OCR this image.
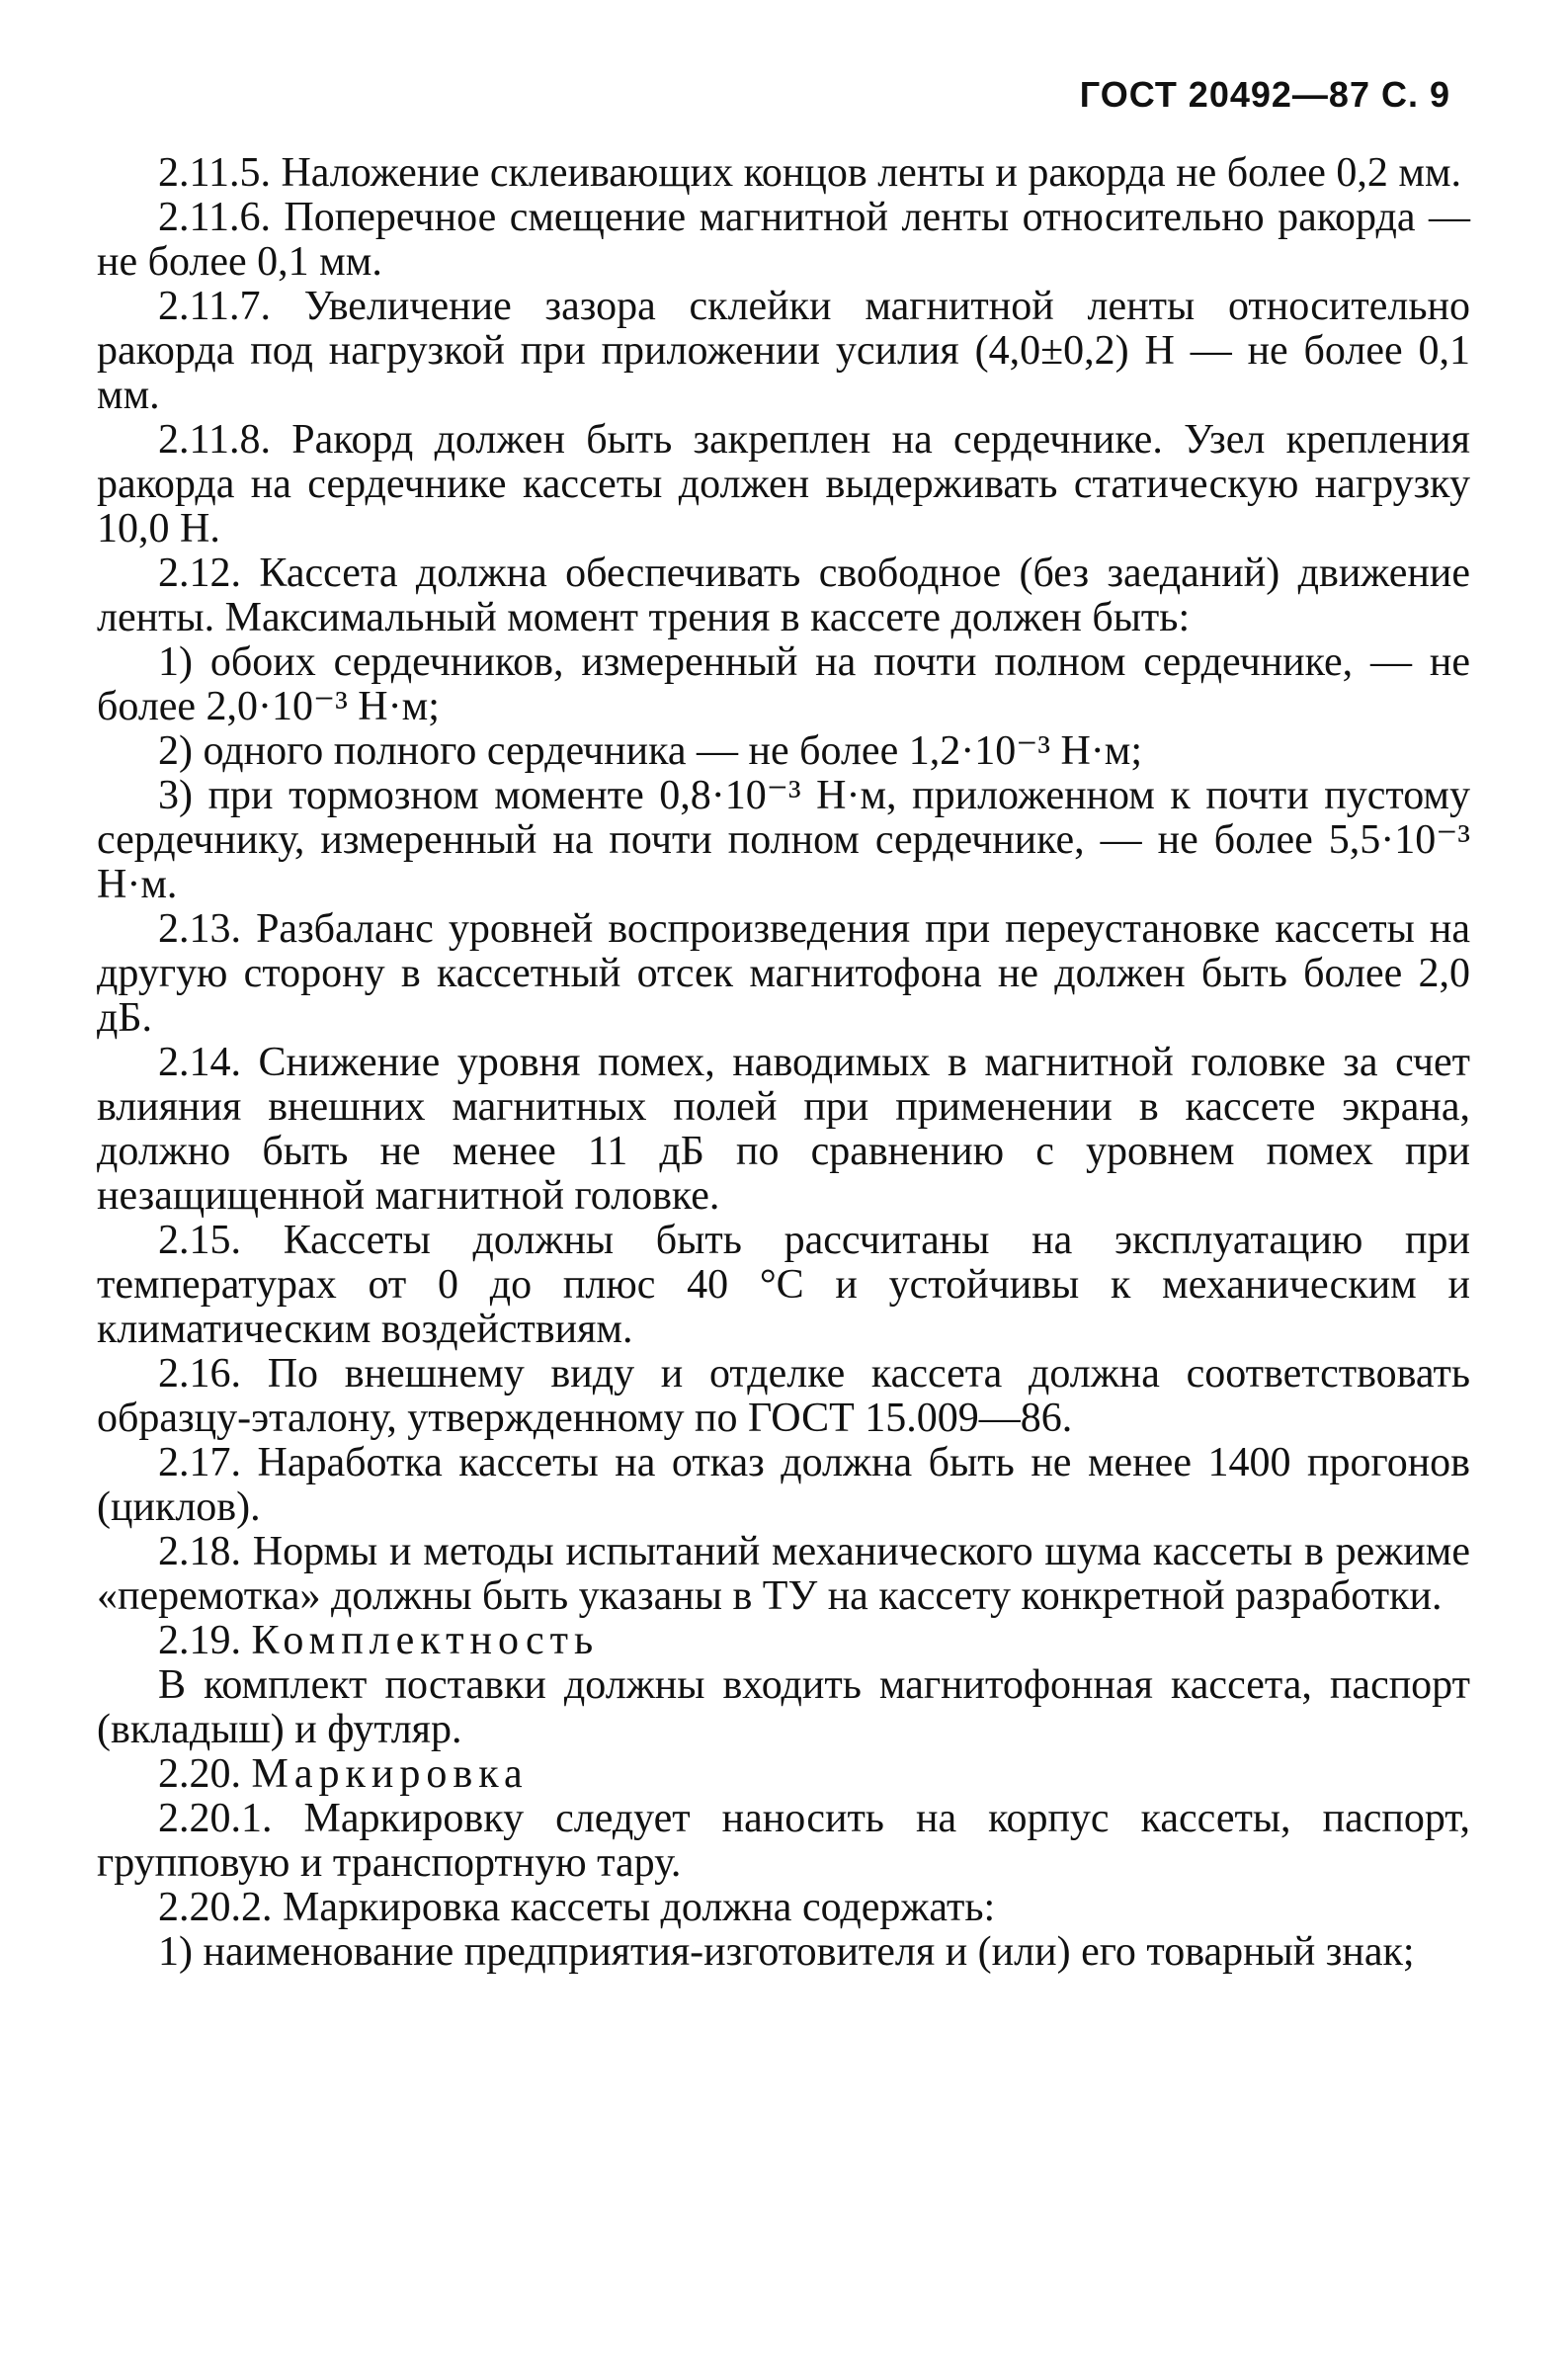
ГОСТ 20492—87 С. 9

2.11.5. Наложение склеивающих концов ленты и ракорда не более 0,2 мм.

2.11.6. Поперечное смещение магнитной ленты относительно ракорда — не более 0,1 мм.

2.11.7. Увеличение зазора склейки магнитной ленты относительно ракорда под нагрузкой при приложении усилия (4,0±0,2) Н — не более 0,1 мм.

2.11.8. Ракорд должен быть закреплен на сердечнике. Узел крепления ракорда на сердечнике кассеты должен выдерживать статическую нагрузку 10,0 Н.

2.12. Кассета должна обеспечивать свободное (без заеданий) движение ленты. Максимальный момент трения в кассете должен быть:

1) обоих сердечников, измеренный на почти полном сердечнике, — не более 2,0·10⁻³ Н·м;

2) одного полного сердечника — не более 1,2·10⁻³ Н·м;

3) при тормозном моменте 0,8·10⁻³ Н·м, приложенном к почти пустому сердечнику, измеренный на почти полном сердечнике, — не более 5,5·10⁻³ Н·м.

2.13. Разбаланс уровней воспроизведения при переустановке кассеты на другую сторону в кассетный отсек магнитофона не должен быть более 2,0 дБ.

2.14. Снижение уровня помех, наводимых в магнитной головке за счет влияния внешних магнитных полей при применении в кассете экрана, должно быть не менее 11 дБ по сравнению с уровнем помех при незащищенной магнитной головке.

2.15. Кассеты должны быть рассчитаны на эксплуатацию при температурах от 0 до плюс 40 °С и устойчивы к механическим и климатическим воздействиям.

2.16. По внешнему виду и отделке кассета должна соответствовать образцу-эталону, утвержденному по ГОСТ 15.009—86.

2.17. Наработка кассеты на отказ должна быть не менее 1400 прогонов (циклов).

2.18. Нормы и методы испытаний механического шума кассеты в режиме «перемотка» должны быть указаны в ТУ на кассету конкретной разработки.

2.19. Комплектность

В комплект поставки должны входить магнитофонная кассета, паспорт (вкладыш) и футляр.

2.20. Маркировка

2.20.1. Маркировку следует наносить на корпус кассеты, паспорт, групповую и транспортную тару.

2.20.2. Маркировка кассеты должна содержать:

1) наименование предприятия-изготовителя и (или) его товарный знак;
